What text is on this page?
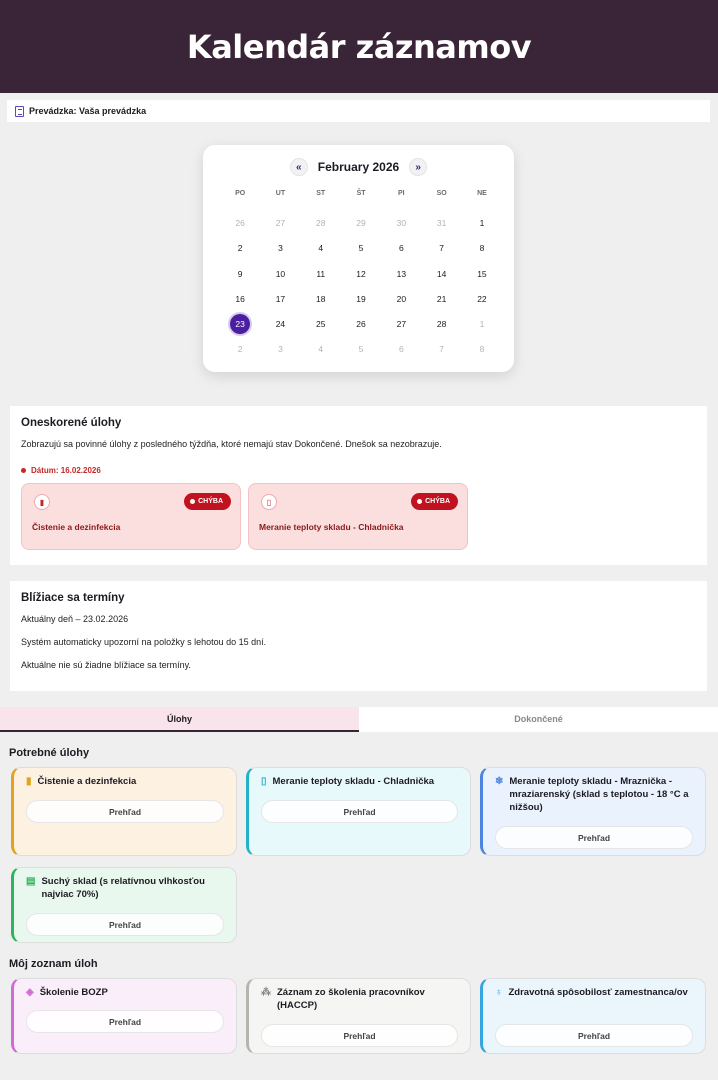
Kalendár záznamov
Prevádzka: Vaša prevádzka
«	February 2026	»
PO	UT	ST	ŠT	PI	SO	NE
26	27	28	29	30	31	1
2	3	4	5	6	7	8
9	10	11	12	13	14	15
16	17	18	19	20	21	22
23	24	25	26	27	28	1
2	3	4	5	6	7	8
Oneskorené úlohy

Zobrazujú sa povinné úlohy z posledného týždňa, ktoré nemajú stav Dokončené. Dnešok sa nezobrazuje.

Dátum: 16.02.2026
▮	CHÝBA
Čistenie a dezinfekcia
▯	CHÝBA
Meranie teploty skladu - Chladnička
Blížiace sa termíny

Aktuálny deň – 23.02.2026

Systém automaticky upozorní na položky s lehotou do 15 dní.

Aktuálne nie sú žiadne blížiace sa termíny.

Úlohy	Dokončené
Potrebné úlohy
▮ Čistenie a dezinfekcia
Prehľad
▯ Meranie teploty skladu - Chladnička
Prehľad
❄ Meranie teploty skladu - Mraznička - mraziarenský (sklad s teplotou - 18 °C a nižšou)
Prehľad
▤ Suchý sklad (s relatívnou vlhkosťou najviac 70%)
Prehľad
Môj zoznam úloh
◈ Školenie BOZP
Prehľad
⁂ Záznam zo školenia pracovníkov (HACCP)
Prehľad
♁ Zdravotná spôsobilosť zamestnanca/ov
Prehľad
